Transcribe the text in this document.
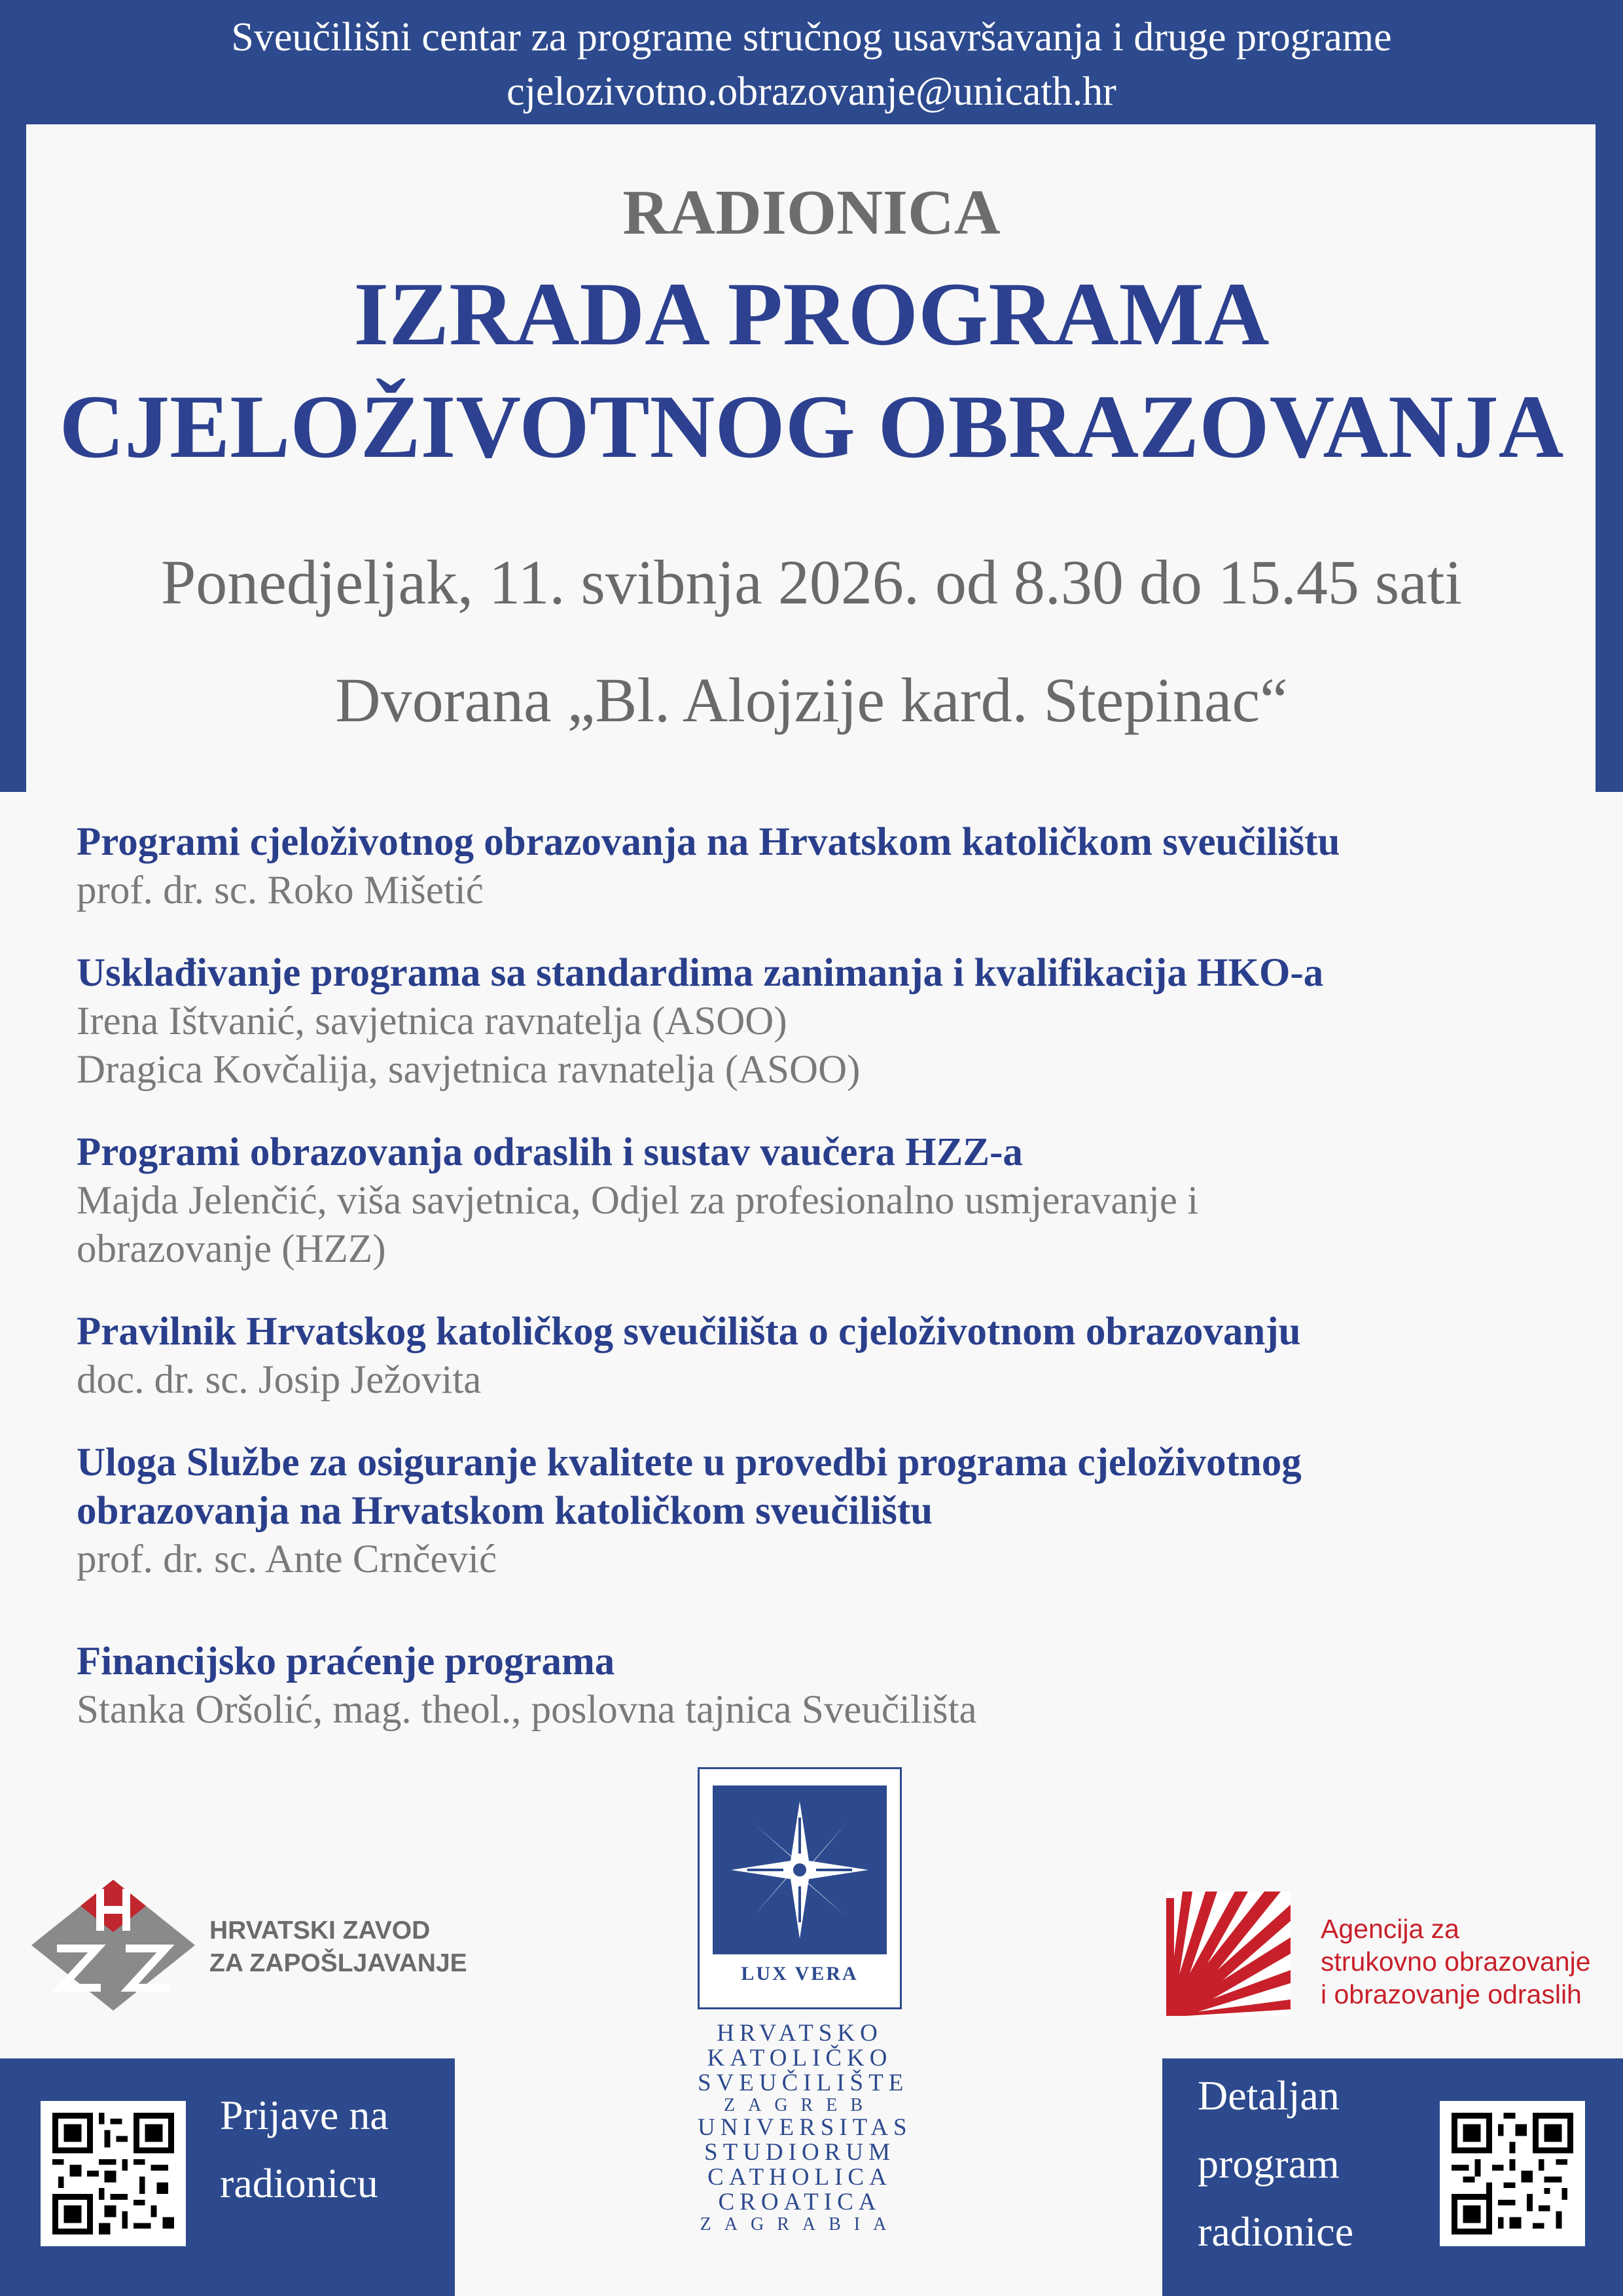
Sveučilišni centar za programe stručnog usavršavanja i druge programe
cjelozivotno.obrazovanje@unicath.hr
RADIONICA
IZRADA PROGRAMA
CJELOŽIVOTNOG OBRAZOVANJA
Ponedjeljak, 11. svibnja 2026. od 8.30 do 15.45 sati
Dvorana „Bl. Alojzije kard. Stepinac“
Programi cjeloživotnog obrazovanja na Hrvatskom katoličkom sveučilištu
prof. dr. sc. Roko Mišetić
Usklađivanje programa sa standardima zanimanja i kvalifikacija HKO-a
Irena Ištvanić, savjetnica ravnatelja (ASOO)
Dragica Kovčalija, savjetnica ravnatelja (ASOO)
Programi obrazovanja odraslih i sustav vaučera HZZ-a
Majda Jelenčić, viša savjetnica, Odjel za profesionalno usmjeravanje i
obrazovanje (HZZ)
Pravilnik Hrvatskog katoličkog sveučilišta o cjeloživotnom obrazovanju
doc. dr. sc. Josip Ježovita
Uloga Službe za osiguranje kvalitete u provedbi programa cjeloživotnog
obrazovanja na Hrvatskom katoličkom sveučilištu
prof. dr. sc. Ante Crnčević
Financijsko praćenje programa
Stanka Oršolić, mag. theol., poslovna tajnica Sveučilišta
HRVATSKI ZAVOD
ZA ZAPOŠLJAVANJE	LUX VERA
HRVATSKO
KATOLIČKO
SVEUČILIŠTE
ZAGREB
UNIVERSITAS
STUDIORUM
CATHOLICA
CROATICA
ZAGRABIA
Agencija za
strukovno obrazovanje
i obrazovanje odraslih
Prijave na
radionicu
Detaljan
program
radionice
